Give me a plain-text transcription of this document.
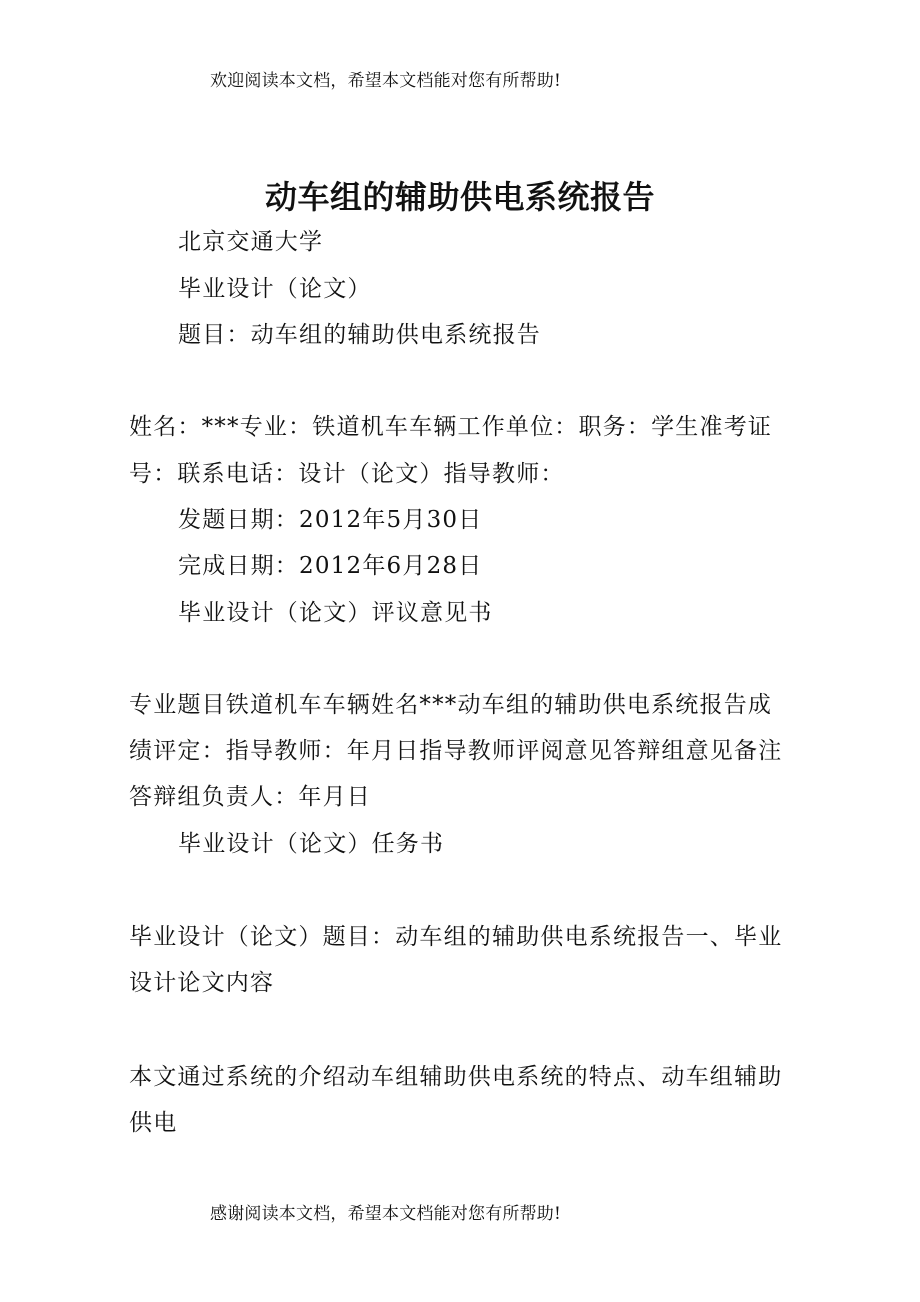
欢迎阅读本文档，希望本文档能对您有所帮助!
动车组的辅助供电系统报告
北京交通大学
毕业设计（论文）
题目：动车组的辅助供电系统报告
姓名：***专业：铁道机车车辆工作单位：职务：学生准考证
号：联系电话：设计（论文）指导教师：
发题日期：2012年5月30日
完成日期：2012年6月28日
毕业设计（论文）评议意见书
专业题目铁道机车车辆姓名***动车组的辅助供电系统报告成
绩评定：指导教师：年月日指导教师评阅意见答辩组意见备注
答辩组负责人：年月日
毕业设计（论文）任务书
毕业设计（论文）题目：动车组的辅助供电系统报告一、毕业
设计论文内容
本文通过系统的介绍动车组辅助供电系统的特点、动车组辅助
供电
感谢阅读本文档，希望本文档能对您有所帮助!
